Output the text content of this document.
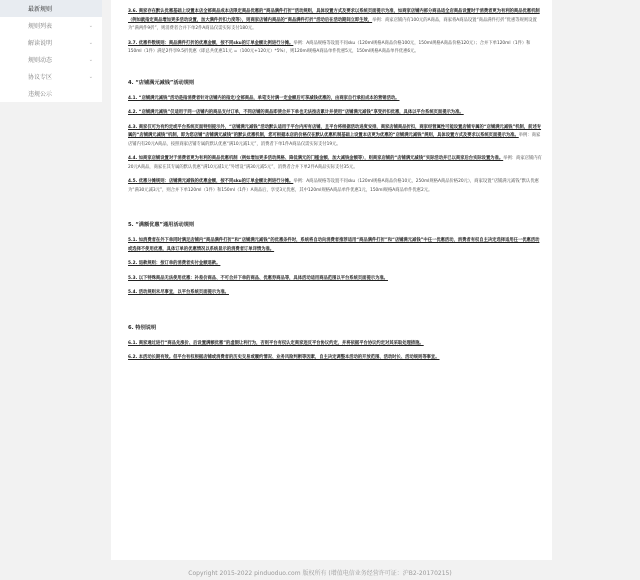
最新规则
规则列表	⌄
解读说明	⌄
规则动态	⌄
协议专区	⌄
违规公示

3.6. 商家存在默认优惠基础上设置本店全部商品成本店限定商品优惠的“商品满件打折”活动规则，具体设置方式及要求以系统页面提示为准，如商家店铺内部分商品适全店商品设置时于消费者更为有利的商品优惠机制（例如就指定商品增加更多活动设置，加大满件折扣力度等），则商家店铺内商品的“商品满件打折”活动后在活动期间立即生效，举例：商家店铺内有100元的A商品，商家将A商品设置“商品满件打折”优惠等规则设置为“满两件9折”，则消费者合并下单2件A商品仅需实际支付180元。

3.7. 优惠件数规则：商品满件打折的优惠金额，按不同sku的订单金额比例进行分摊。举例：A商品规格等设置不同sku（120ml规格A商品价格100元，150ml规格A商品价格120元）；合并下单120ml（1件）和150ml（1件）满足2件享9.5折优惠（即总共优惠11元 =（100元+120元）*5%），则120ml规格A商品单件优惠5元，150ml规格A商品单件优惠6元。

4. “店铺满元减钱”活动规则

4.1. “店铺满元减钱”活动是指消费者针对店铺内的指定/全部商品，单笔支付满一定金额后可享减钱优惠的，由商家自行承担成本的营销活动。

4.2. “店铺满元减钱”仅适用于同一店铺内的商品支付订单，不同店铺的商品即使合并下单也无法按店累计并使用“店铺满元减钱”享受折扣优惠，具体以平台系统页面提示为准。

4.3. 商家仅可为有约定或平台系统页面特别提示外，“店铺满元减钱”活动默认适用于平台内所有店铺，且平台将根据活动进度安排，商家店铺商品折扣，商家经营属性可能设置店铺专属的“店铺满元减钱”机制，前述专属的“店铺满元减钱”机制，即为您店铺“店铺满元减钱”的默认优惠机制，您可根据本店的价格仅在默认优惠机制基础上设置本店更为优惠的“店铺满元减钱”规则，具体设置方式及要求以系统页面提示为准。举例：商家店铺内有20元A商品，按照商家店铺专属的默认优惠“满10元减1元”，消费者下单1件A商品仅需实际支付19元。

4.4. 如商家店铺设置对于消费者更为有利的商品优惠机制（例如增加更多活动规格、降低满元的门槛金额、加大减钱金额等），则商家店铺的“店铺满元减钱”实际活动并已以商家后台实际设置为准。举例：商家店铺内有20元A商品，商家在其专属的默认优惠“满10元减1元”外增设“满30元减5元”，消费者合并下单2件A商品实际支付35元。

4.5. 优惠分摊规则：店铺满元减钱的优惠金额，按不同sku的订单金额比例进行分摊。举例：A商品规格等设置不同sku（120ml规格A商品价格10元，250ml规格A商品价格20元），商家设置“店铺满元减钱”默认优惠为“满30元减3元”，则合并下单120ml（1件）和150ml（1件）A商品后，享受3元优惠，其中120ml规格A商品单件优惠1元，150ml规格A商品单件优惠2元。

5. “满额优惠”通用活动规则

5.1. 如消费者在外下单同时满足店铺内“商品满件打折”和“店铺满元减钱”的优惠条件时，系统将自动向消费者推荐适用“商品满件打折”和“店铺满元减钱”中任一优惠活动，消费者有权自主决定选择适用任一优惠活动或选择不使用优惠，具体订单的优惠情况以系统显示的消费者订单详情为准。

5.2. 退款规则：按订单的消费者实付金额退款。

5.3. 以下特殊商品无法使用优惠：补差价商品、不可合并下单的商品、优惠券商品等，具体活动适用商品范围以平台系统页面提示为准。

5.4. 活动规则未尽事宜，以平台系统页面提示为准。

6. 特别说明

6.1. 商家通过进行“商品先涨价、后设置满额优惠”的虚假让利行为，否则平台有权认定商家违反平台协议约定，并将依据平台协议约定对其采取处理措施。

6.2. 本活动长期有效。但平台有权根据店铺或消费者的历史交易或履约情况、业务风险判断等因素，自主决定调整本活动的开放范围、活动时长、活动规则等事宜。

Copyright 2015-2022 pinduoduo.com 版权所有 (增值电信业务经营许可证：沪B2-20170215)
